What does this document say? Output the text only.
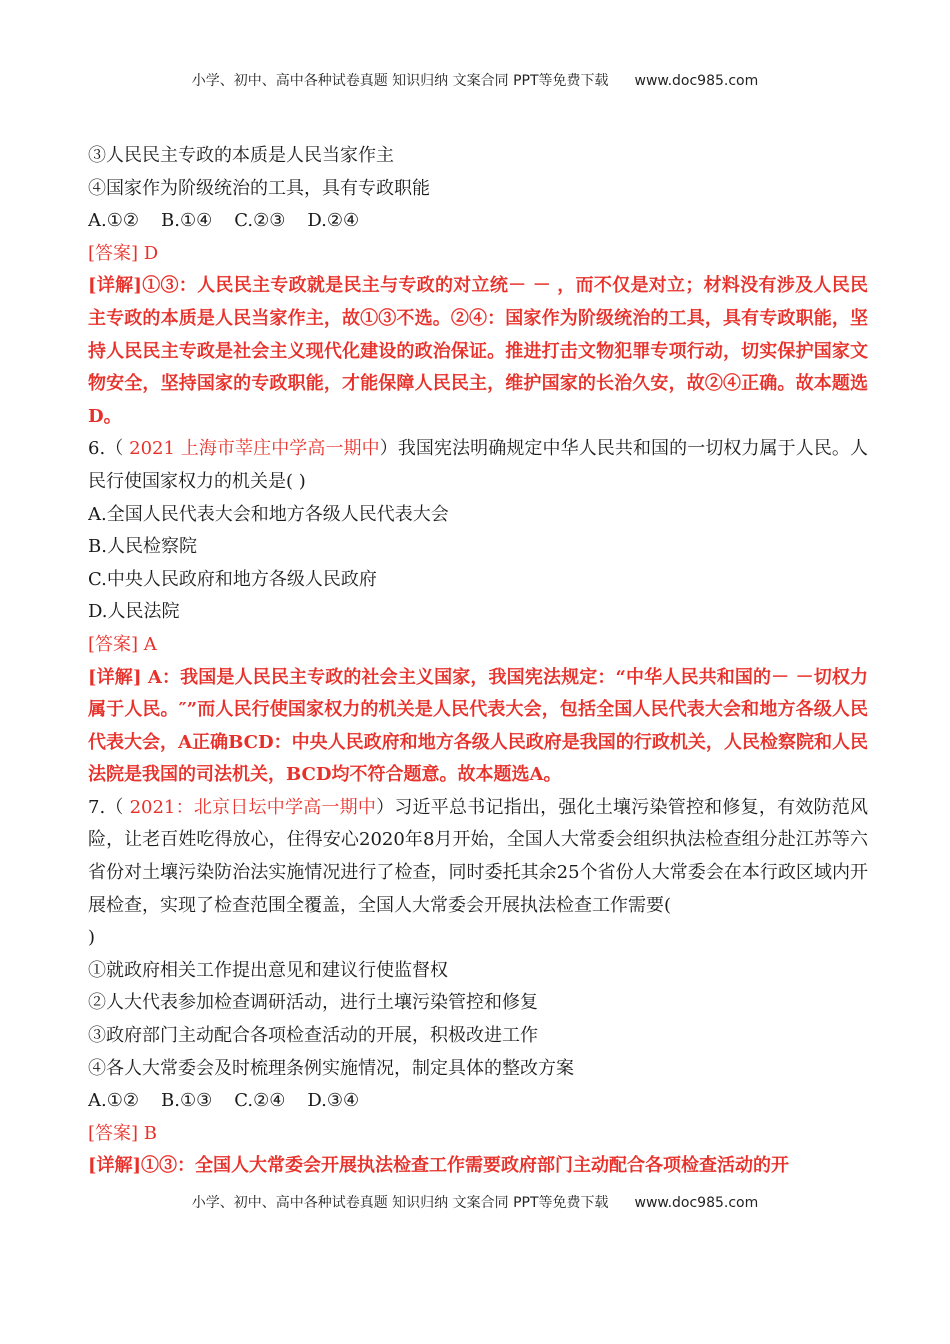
小学、初中、高中各种试卷真题 知识归纳 文案合同 PPT等免费下载 www.doc985.com
③人民民主专政的本质是人民当家作主
④国家作为阶级统治的工具，具有专政职能
A.①② B.①④ C.②③ D.②④
[答案] D
[详解]①③：人民民主专政就是民主与专政的对立统－ － ，而不仅是对立；材料没有涉及人民民主专政的本质是人民当家作主，故①③不选。②④：国家作为阶级统治的工具，具有专政职能，坚持人民民主专政是社会主义现代化建设的政治保证。推进打击文物犯罪专项行动，切实保护国家文物安全，坚持国家的专政职能，才能保障人民民主，维护国家的长治久安，故②④正确。故本题选D。
6.（ 2021 上海市莘庄中学高一期中）我国宪法明确规定中华人民共和国的一切权力属于人民。人民行使国家权力的机关是( )
A.全国人民代表大会和地方各级人民代表大会
B.人民检察院
C.中央人民政府和地方各级人民政府
D.人民法院
[答案] A
[详解] A：我国是人民民主专政的社会主义国家，我国宪法规定：“中华人民共和国的－ －切权力属于人民。″”而人民行使国家权力的机关是人民代表大会，包括全国人民代表大会和地方各级人民代表大会，A正确BCD：中央人民政府和地方各级人民政府是我国的行政机关，人民检察院和人民法院是我国的司法机关，BCD均不符合题意。故本题选A。
7.（ 2021：北京日坛中学高一期中）习近平总书记指出，强化土壤污染管控和修复，有效防范风险，让老百姓吃得放心，住得安心2020年8月开始，全国人大常委会组织执法检查组分赴江苏等六省份对土壤污染防治法实施情况进行了检查，同时委托其余25个省份人大常委会在本行政区域内开展检查，实现了检查范围全覆盖，全国人大常委会开展执法检查工作需要(
)
①就政府相关工作提出意见和建议行使监督权
②人大代表参加检查调研活动，进行土壤污染管控和修复
③政府部门主动配合各项检查活动的开展，积极改进工作
④各人大常委会及时梳理条例实施情况，制定具体的整改方案
A.①② B.①③ C.②④ D.③④
[答案] B
[详解]①③：全国人大常委会开展执法检查工作需要政府部门主动配合各项检查活动的开
小学、初中、高中各种试卷真题 知识归纳 文案合同 PPT等免费下载 www.doc985.com
